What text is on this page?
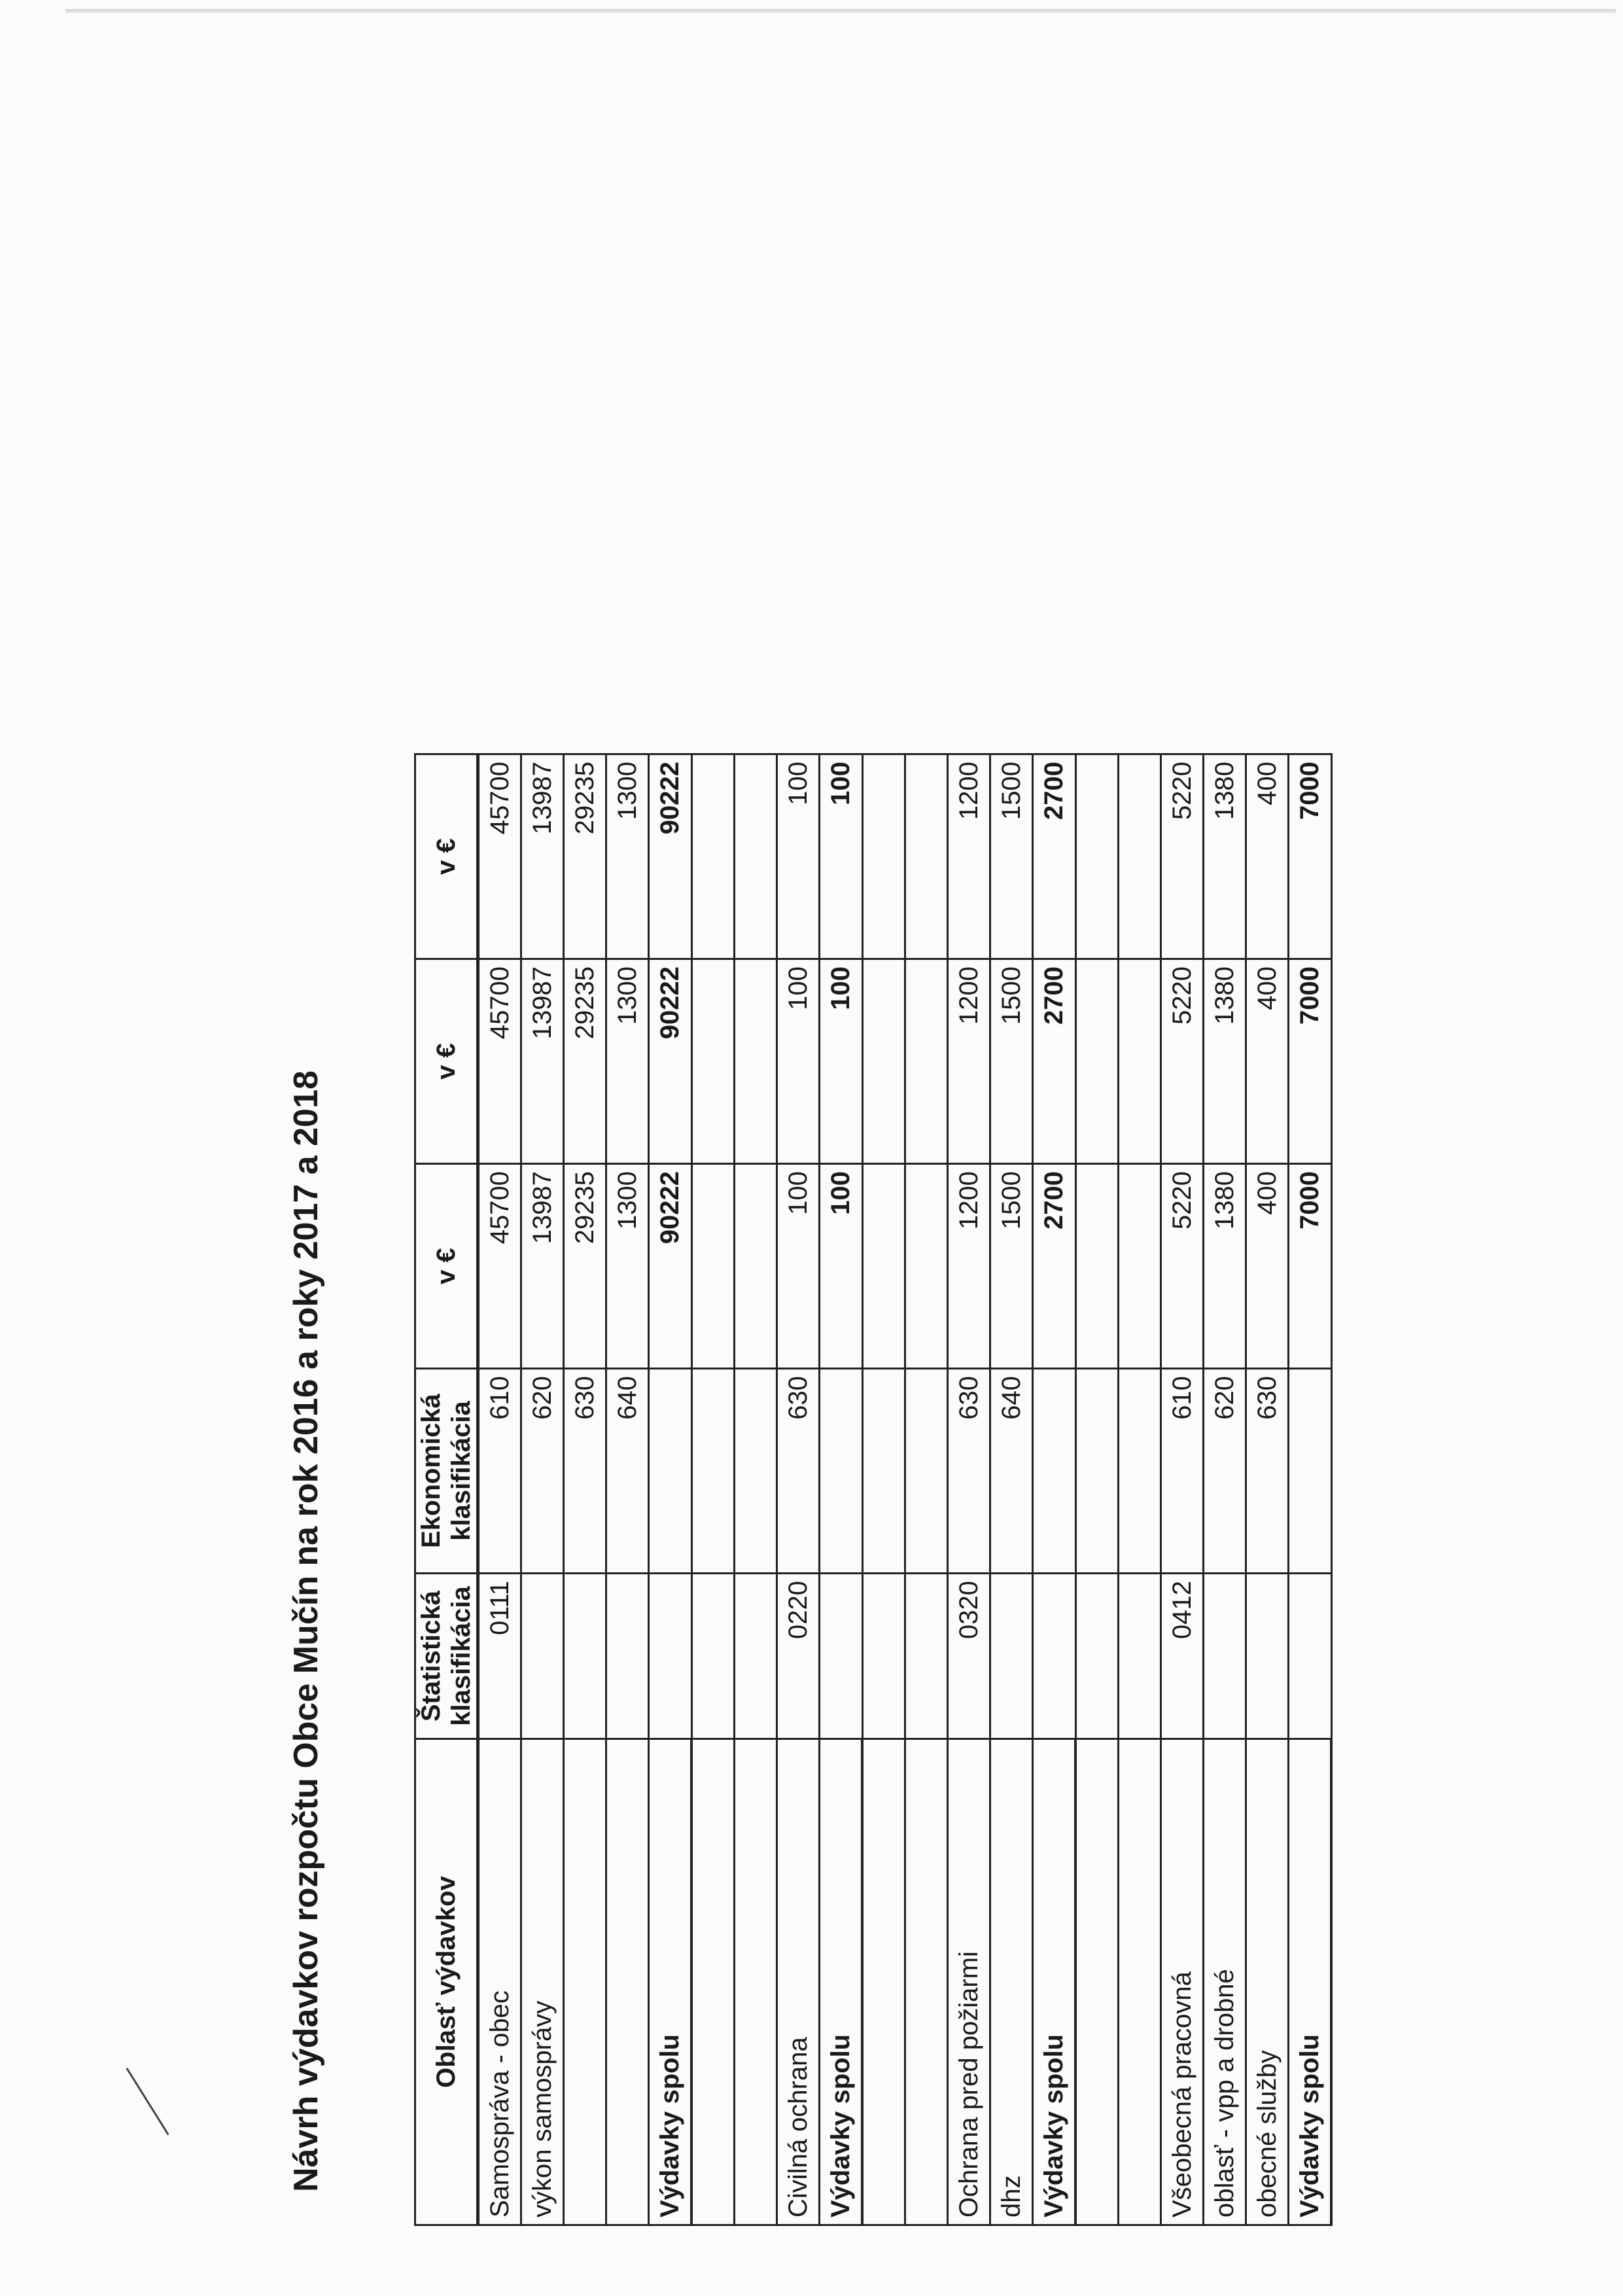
Návrh výdavkov rozpočtu Obce Mučín na rok 2016 a roky 2017 a 2018	Oblasť výdavkov	Štatistická
klasifikácia	Ekonomická
klasifikácia	v €	v €	v €
Samospráva - obec	0111	610	45700	45700	45700
výkon samosprávy		620	13987	13987	13987
		630	29235	29235	29235
		640	1300	1300	1300
Výdavky spolu			90222	90222	90222

Civilná ochrana	0220	630	100	100	100
Výdavky spolu			100	100	100

Ochrana pred požiarmi	0320	630	1200	1200	1200
dhz		640	1500	1500	1500
Výdavky spolu			2700	2700	2700

Všeobecná pracovná	0412	610	5220	5220	5220
oblasť - vpp a drobné		620	1380	1380	1380
obecné služby		630	400	400	400
Výdavky spolu			7000	7000	7000
